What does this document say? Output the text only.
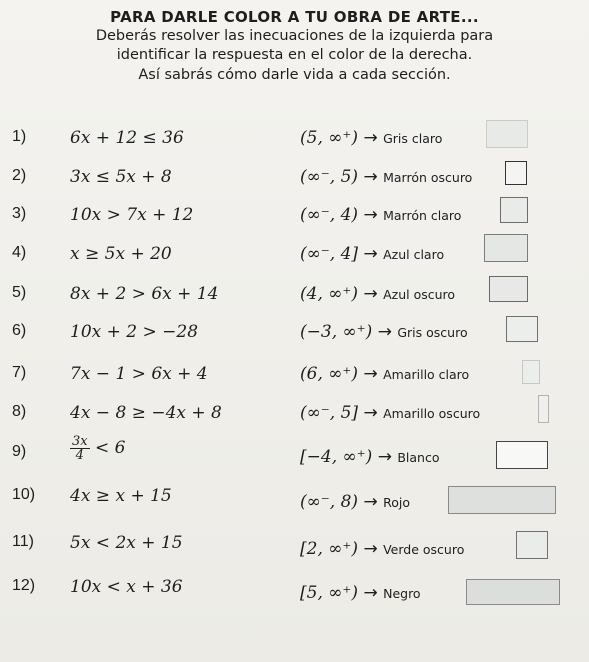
PARA DARLE COLOR A TU OBRA DE ARTE...
Deberás resolver las inecuaciones de la izquierda para
identificar la respuesta en el color de la derecha.
Así sabrás cómo darle vida a cada sección.
1)	6x + 12 ≤ 36	(5, ∞⁺) → Gris claro
2)	3x ≤ 5x + 8	(∞⁻, 5) → Marrón oscuro
3)	10x > 7x + 12	(∞⁻, 4) → Marrón claro
4)	x ≥ 5x + 20	(∞⁻, 4] → Azul claro
5)	8x + 2 > 6x + 14	(4, ∞⁺) → Azul oscuro
6)	10x + 2 > −28	(−3, ∞⁺) → Gris oscuro
7)	7x − 1 > 6x + 4	(6, ∞⁺) → Amarillo claro
8)	4x − 8 ≥ −4x + 8	(∞⁻, 5] → Amarillo oscuro
9)	$\frac{3x}{4} < 6$	[−4, ∞⁺) → Blanco
10) 4x ≥ x + 15	(∞⁻, 8) → Rojo
11) 5x < 2x + 15	[2, ∞⁺) → Verde oscuro
12) 10x < x + 36	[5, ∞⁺) → Negro
